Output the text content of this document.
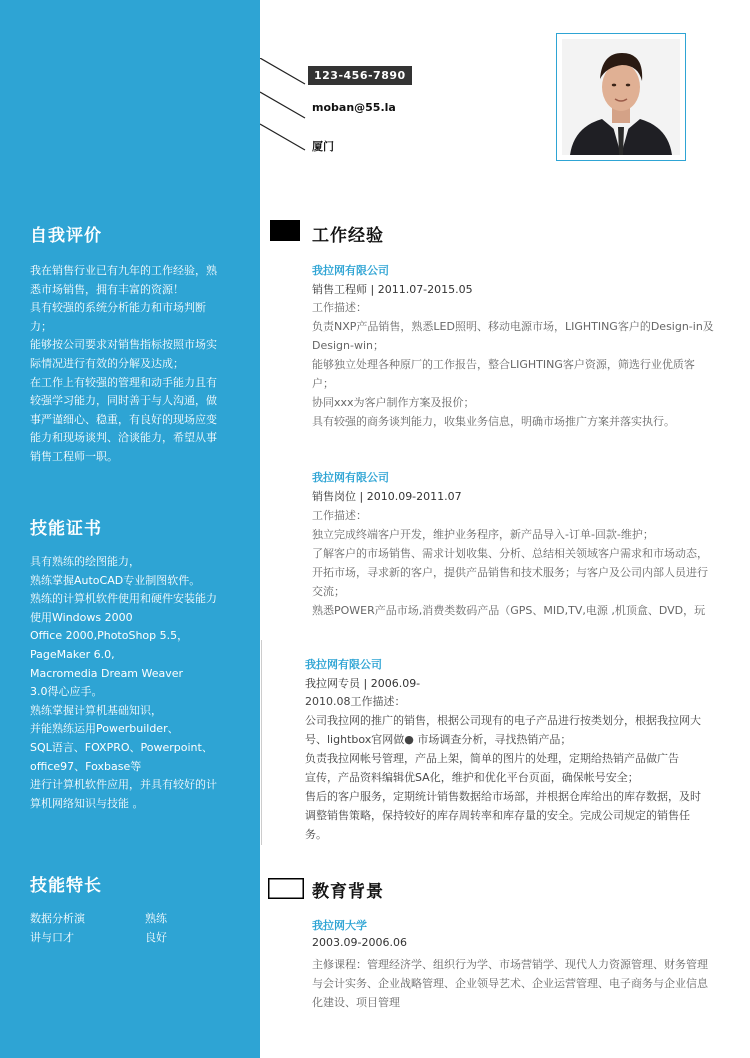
自我评价

我在销售行业已有九年的工作经验，熟

悉市场销售，拥有丰富的资源！

具有较强的系统分析能力和市场判断

力；

能够按公司要求对销售指标按照市场实

际情况进行有效的分解及达成；

在工作上有较强的管理和动手能力且有

较强学习能力，同时善于与人沟通，做

事严谨细心、稳重，有良好的现场应变

能力和现场谈判、洽谈能力，希望从事

销售工程师一职。

技能证书

具有熟练的绘图能力，

熟练掌握AutoCAD专业制图软件。

熟练的计算机软件使用和硬件安装能力

使用Windows 2000

Office 2000,PhotoShop 5.5，

PageMaker 6.0,

Macromedia Dream Weaver

3.0得心应手。

熟练掌握计算机基础知识，

并能熟练运用Powerbuilder、

SQL语言、FOXPRO、Powerpoint、

office97、Foxbase等

进行计算机软件应用，并具有较好的计

算机网络知识与技能 。

技能特长
数据分析演	熟练
讲与口才	良好
123-456-7890
moban@55.la
厦门
工作经验
我拉网有限公司
销售工程师 | 2011.07-2015.05

工作描述：

负责NXP产品销售，熟悉LED照明、移动电源市场，LIGHTING客户的Design-in及

Design-win；

能够独立处理各种原厂的工作报告，整合LIGHTING客户资源，筛选行业优质客

户；

协同xxx为客户制作方案及报价；

具有较强的商务谈判能力，收集业务信息，明确市场推广方案并落实执行。

我拉网有限公司
销售岗位 | 2010.09-2011.07

工作描述：

独立完成终端客户开发，维护业务程序，新产品导入-订单-回款-维护；

了解客户的市场销售、需求计划收集、分析、总结相关领域客户需求和市场动态，

开拓市场，寻求新的客户，提供产品销售和技术服务；与客户及公司内部人员进行

交流；

熟悉POWER产品市场,消费类数码产品（GPS、MID,TV,电源 ,机顶盒、DVD，玩

我拉网有限公司
我拉网专员 | 2006.09-

2010.08工作描述：

公司我拉网的推广的销售，根据公司现有的电子产品进行按类划分，根据我拉网大

号、lightbox官网做● 市场调查分析，寻找热销产品；

负责我拉网帐号管理，产品上架，简单的图片的处理，定期给热销产品做广告

宣传，产品资料编辑优SA化，维护和优化平台页面，确保帐号安全；

售后的客户服务，定期统计销售数据给市场部，并根据仓库给出的库存数据，及时

调整销售策略，保持较好的库存周转率和库存量的安全。完成公司规定的销售任

务。

教育背景
我拉网大学
2003.09-2006.06

主修课程：管理经济学、组织行为学、市场营销学、现代人力资源管理、财务管理

与会计实务、企业战略管理、企业领导艺术、企业运营管理、电子商务与企业信息

化建设、项目管理
